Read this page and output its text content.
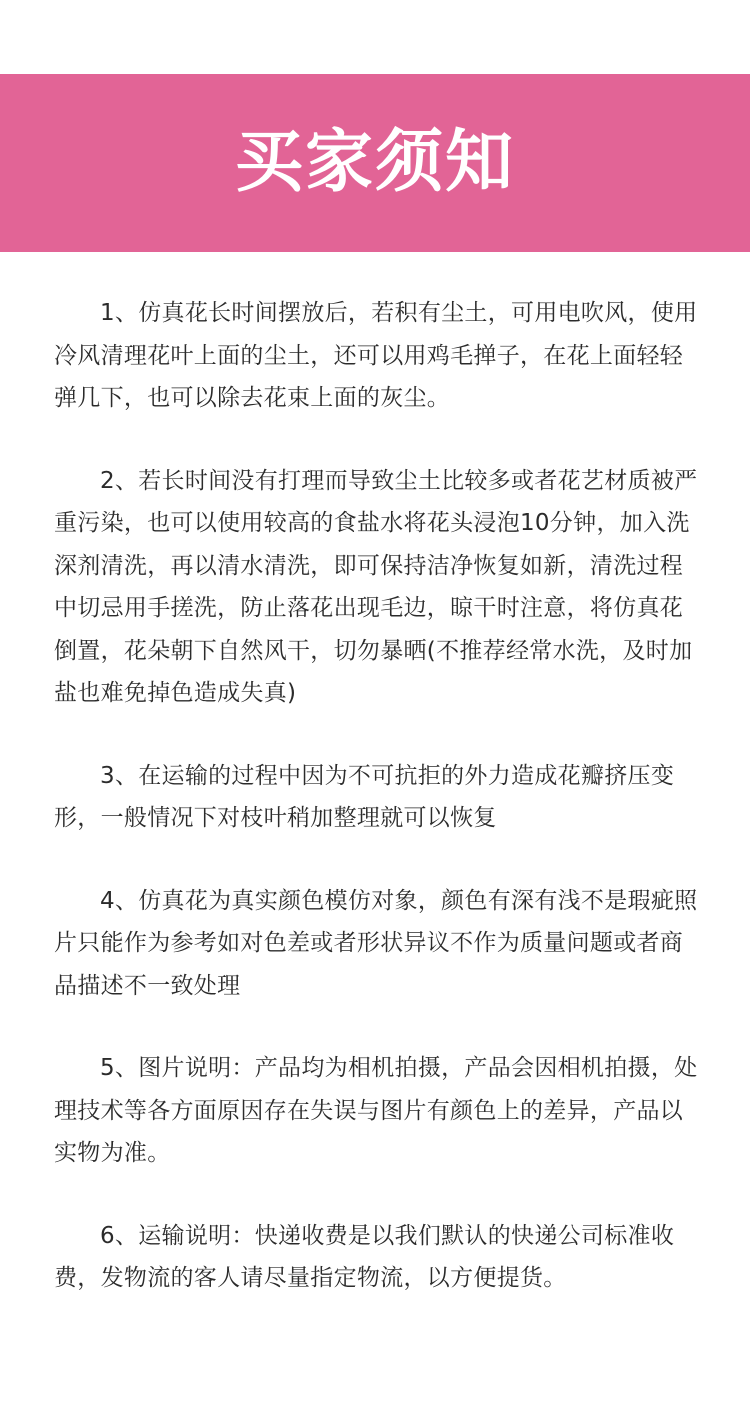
买家须知

1、仿真花长时间摆放后，若积有尘土，可用电吹风，使用冷风清理花叶上面的尘土，还可以用鸡毛掸子，在花上面轻轻弹几下，也可以除去花束上面的灰尘。

2、若长时间没有打理而导致尘土比较多或者花艺材质被严重污染，也可以使用较高的食盐水将花头浸泡10分钟，加入洗深剂清洗，再以清水清洗，即可保持洁净恢复如新，清洗过程中切忌用手搓洗，防止落花出现毛边，晾干时注意，将仿真花倒置，花朵朝下自然风干，切勿暴晒(不推荐经常水洗，及时加盐也难免掉色造成失真)

3、在运输的过程中因为不可抗拒的外力造成花瓣挤压变形，一般情况下对枝叶稍加整理就可以恢复

4、仿真花为真实颜色模仿对象，颜色有深有浅不是瑕疵照片只能作为参考如对色差或者形状异议不作为质量问题或者商品描述不一致处理

5、图片说明：产品均为相机拍摄，产品会因相机拍摄，处理技术等各方面原因存在失误与图片有颜色上的差异，产品以实物为准。

6、运输说明：快递收费是以我们默认的快递公司标准收费，发物流的客人请尽量指定物流，以方便提货。
